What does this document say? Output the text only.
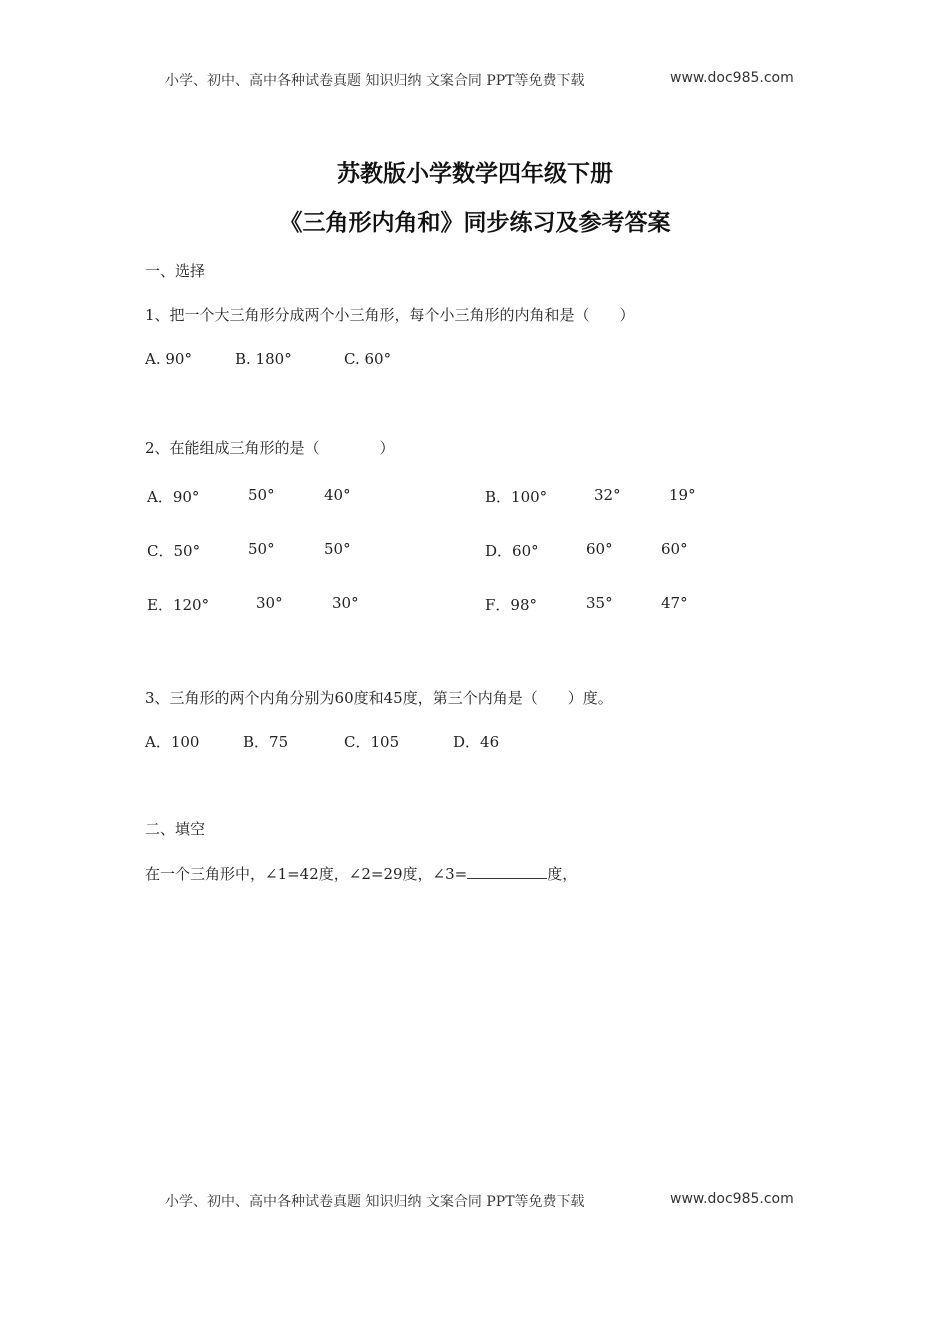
小学、初中、高中各种试卷真题 知识归纳 文案合同 PPT等免费下载	www.doc985.com
苏教版小学数学四年级下册
《三角形内角和》同步练习及参考答案
一、选择
1、把一个大三角形分成两个小三角形，每个小三角形的内角和是（　　）
A. 90°	B. 180°	C. 60°
2、在能组成三角形的是（　　　　）
A．90°	50°	40°	B．100°	32°	19°
C．50°	50°	50°	D．60°	60°	60°
E．120°	30°	30°	F．98°	35°	47°
3、三角形的两个内角分别为60度和45度，第三个内角是（　　）度。
A．100	B．75	C．105	D．46
二、填空
在一个三角形中，∠1=42度，∠2=29度，∠3=	度，
小学、初中、高中各种试卷真题 知识归纳 文案合同 PPT等免费下载	www.doc985.com
